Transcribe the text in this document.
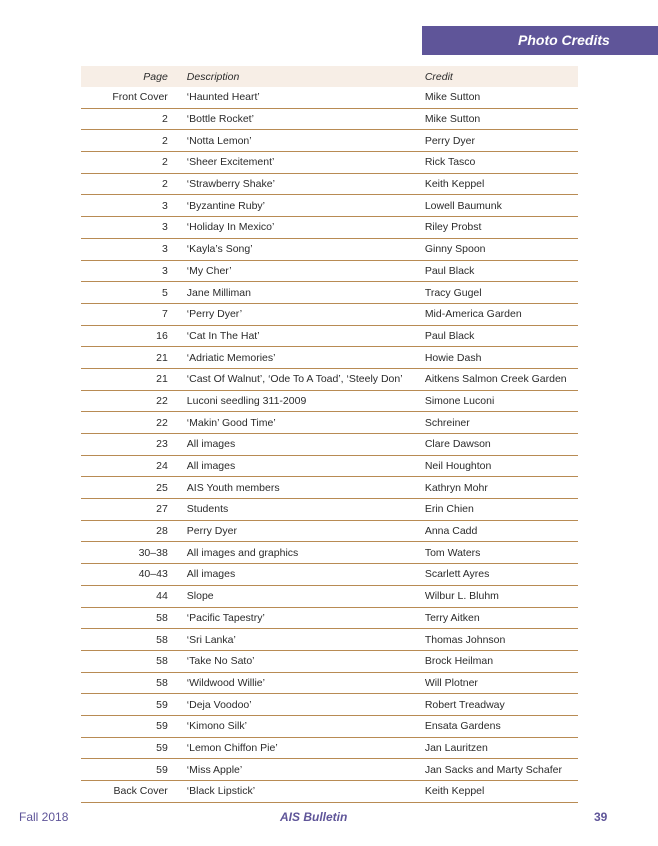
Photo Credits
Page	Description	Credit
Front Cover	‘Haunted Heart’	Mike Sutton
2	‘Bottle Rocket’	Mike Sutton
2	‘Notta Lemon’	Perry Dyer
2	‘Sheer Excitement’	Rick Tasco
2	‘Strawberry Shake’	Keith Keppel
3	‘Byzantine Ruby’	Lowell Baumunk
3	‘Holiday In Mexico’	Riley Probst
3	‘Kayla’s Song’	Ginny Spoon
3	‘My Cher’	Paul Black
5	Jane Milliman	Tracy Gugel
7	‘Perry Dyer’	Mid-America Garden
16	‘Cat In The Hat’	Paul Black
21	‘Adriatic Memories’	Howie Dash
21	‘Cast Of Walnut’, ‘Ode To A Toad’, ‘Steely Don’	Aitkens Salmon Creek Garden
22	Luconi seedling 311-2009	Simone Luconi
22	‘Makin’ Good Time’	Schreiner
23	All images	Clare Dawson
24	All images	Neil Houghton
25	AIS Youth members	Kathryn Mohr
27	Students	Erin Chien
28	Perry Dyer	Anna Cadd
30–38	All images and graphics	Tom Waters
40–43	All images	Scarlett Ayres
44	Slope	Wilbur L. Bluhm
58	‘Pacific Tapestry’	Terry Aitken
58	‘Sri Lanka’	Thomas Johnson
58	‘Take No Sato’	Brock Heilman
58	‘Wildwood Willie’	Will Plotner
59	‘Deja Voodoo’	Robert Treadway
59	‘Kimono Silk’	Ensata Gardens
59	‘Lemon Chiffon Pie’	Jan Lauritzen
59	‘Miss Apple’	Jan Sacks and Marty Schafer
Back Cover	‘Black Lipstick’	Keith Keppel
Fall 2018	AIS Bulletin	39
